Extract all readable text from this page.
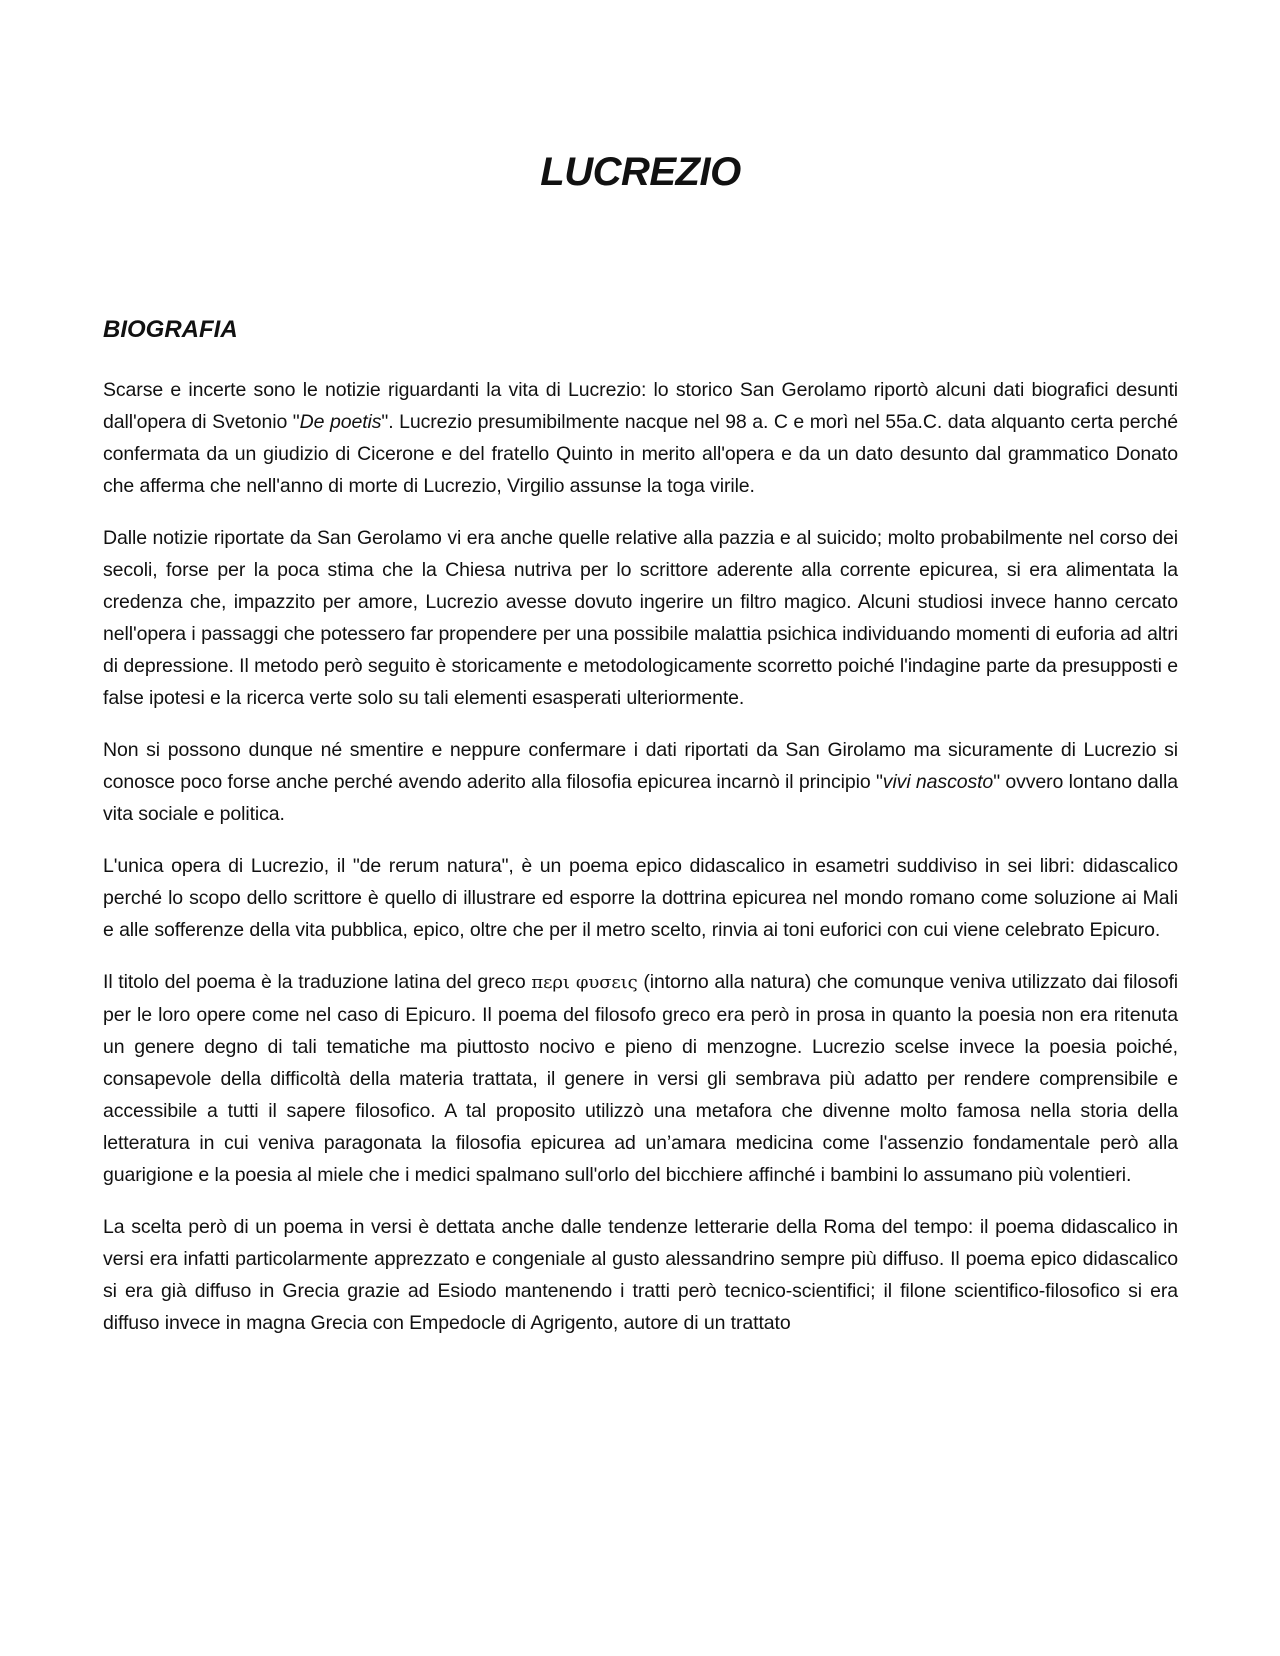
LUCREZIO
BIOGRAFIA

Scarse e incerte sono le notizie riguardanti la vita di Lucrezio: lo storico San Gerolamo riportò alcuni dati biografici desunti dall'opera di Svetonio "De poetis". Lucrezio presumibilmente nacque nel 98 a. C e morì nel 55a.C. data alquanto certa perché confermata da un giudizio di Cicerone e del fratello Quinto in merito all'opera e da un dato desunto dal grammatico Donato che afferma che nell'anno di morte di Lucrezio, Virgilio assunse la toga virile.

Dalle notizie riportate da San Gerolamo vi era anche quelle relative alla pazzia e al suicido; molto probabilmente nel corso dei secoli, forse per la poca stima che la Chiesa nutriva per lo scrittore aderente alla corrente epicurea, si era alimentata la credenza che, impazzito per amore, Lucrezio avesse dovuto ingerire un filtro magico. Alcuni studiosi invece hanno cercato nell'opera i passaggi che potessero far propendere per una possibile malattia psichica individuando momenti di euforia ad altri di depressione. Il metodo però seguito è storicamente e metodologicamente scorretto poiché l'indagine parte da presupposti e false ipotesi e la ricerca verte solo su tali elementi esasperati ulteriormente.

Non si possono dunque né smentire e neppure confermare i dati riportati da San Girolamo ma sicuramente di Lucrezio si conosce poco forse anche perché avendo aderito alla filosofia epicurea incarnò il principio "vivi nascosto" ovvero lontano dalla vita sociale e politica.

L'unica opera di Lucrezio, il "de rerum natura", è un poema epico didascalico in esametri suddiviso in sei libri: didascalico perché lo scopo dello scrittore è quello di illustrare ed esporre la dottrina epicurea nel mondo romano come soluzione ai Mali e alle sofferenze della vita pubblica, epico, oltre che per il metro scelto, rinvia ai toni euforici con cui viene celebrato Epicuro.

Il titolo del poema è la traduzione latina del greco περι φυσεις (intorno alla natura) che comunque veniva utilizzato dai filosofi per le loro opere come nel caso di Epicuro. Il poema del filosofo greco era però in prosa in quanto la poesia non era ritenuta un genere degno di tali tematiche ma piuttosto nocivo e pieno di menzogne. Lucrezio scelse invece la poesia poiché, consapevole della difficoltà della materia trattata, il genere in versi gli sembrava più adatto per rendere comprensibile e accessibile a tutti il sapere filosofico. A tal proposito utilizzò una metafora che divenne molto famosa nella storia della letteratura in cui veniva paragonata la filosofia epicurea ad un’amara medicina come l'assenzio fondamentale però alla guarigione e la poesia al miele che i medici spalmano sull'orlo del bicchiere affinché i bambini lo assumano più volentieri.

La scelta però di un poema in versi è dettata anche dalle tendenze letterarie della Roma del tempo: il poema didascalico in versi era infatti particolarmente apprezzato e congeniale al gusto alessandrino sempre più diffuso. Il poema epico didascalico si era già diffuso in Grecia grazie ad Esiodo mantenendo i tratti però tecnico-scientifici; il filone scientifico-filosofico si era diffuso invece in magna Grecia con Empedocle di Agrigento, autore di un trattato
